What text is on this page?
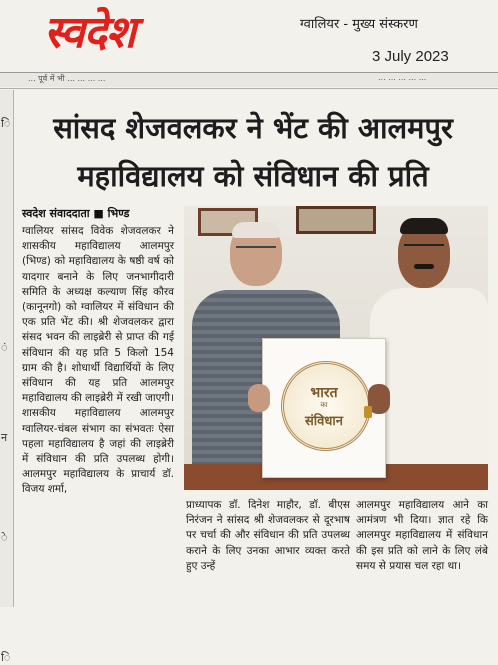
स्वदेश	ग्वालियर - मुख्य संस्करण
3 July 2023
... पूर्व में भी ... ... ... ...	... ... ... ... ...
ि
ं
न
े
ि
सांसद शेजवलकर ने भेंट की आलमपुर
महाविद्यालय को संविधान की प्रति
स्वदेश संवाददाता ■ भिण्ड
ग्वालियर सांसद विवेक शेजवलकर ने शासकीय महाविद्यालय आलमपुर (भिण्ड) को महाविद्यालय के षष्ठी वर्ष को यादगार बनाने के लिए जनभागीदारी समिति के अध्यक्ष कल्याण सिंह कौरव (कानूनगो) को ग्वालियर में संविधान की एक प्रति भेंट की। श्री शेजवलकर द्वारा संसद भवन की लाइब्रेरी से प्राप्त की गई संविधान की यह प्रति 5 किलो 154 ग्राम की है। शोधार्थी विद्यार्थियों के लिए संविधान की यह प्रति आलमपुर महाविद्यालय की लाइब्रेरी में रखी जाएगी। शासकीय महाविद्यालय आलमपुर ग्वालियर-चंबल संभाग का संभवतः ऐसा पहला महाविद्यालय है जहां की लाइब्रेरी में संविधान की प्रति उपलब्ध होगी। आलमपुर महाविद्यालय के प्राचार्य डॉ. विजय शर्मा,
भारत
का
संविधान
प्राध्यापक डॉ. दिनेश माहौर, डॉ. बीएस निरंजन ने सांसद श्री शेजवलकर से दूरभाष पर चर्चा की और संविधान की प्रति उपलब्ध कराने के लिए उनका आभार व्यक्त करते हुए उन्हें
आलमपुर महाविद्यालय आने का आमंत्रण भी दिया। ज्ञात रहे कि आलमपुर महाविद्यालय में संविधान की इस प्रति को लाने के लिए लंबे समय से प्रयास चल रहा था।
